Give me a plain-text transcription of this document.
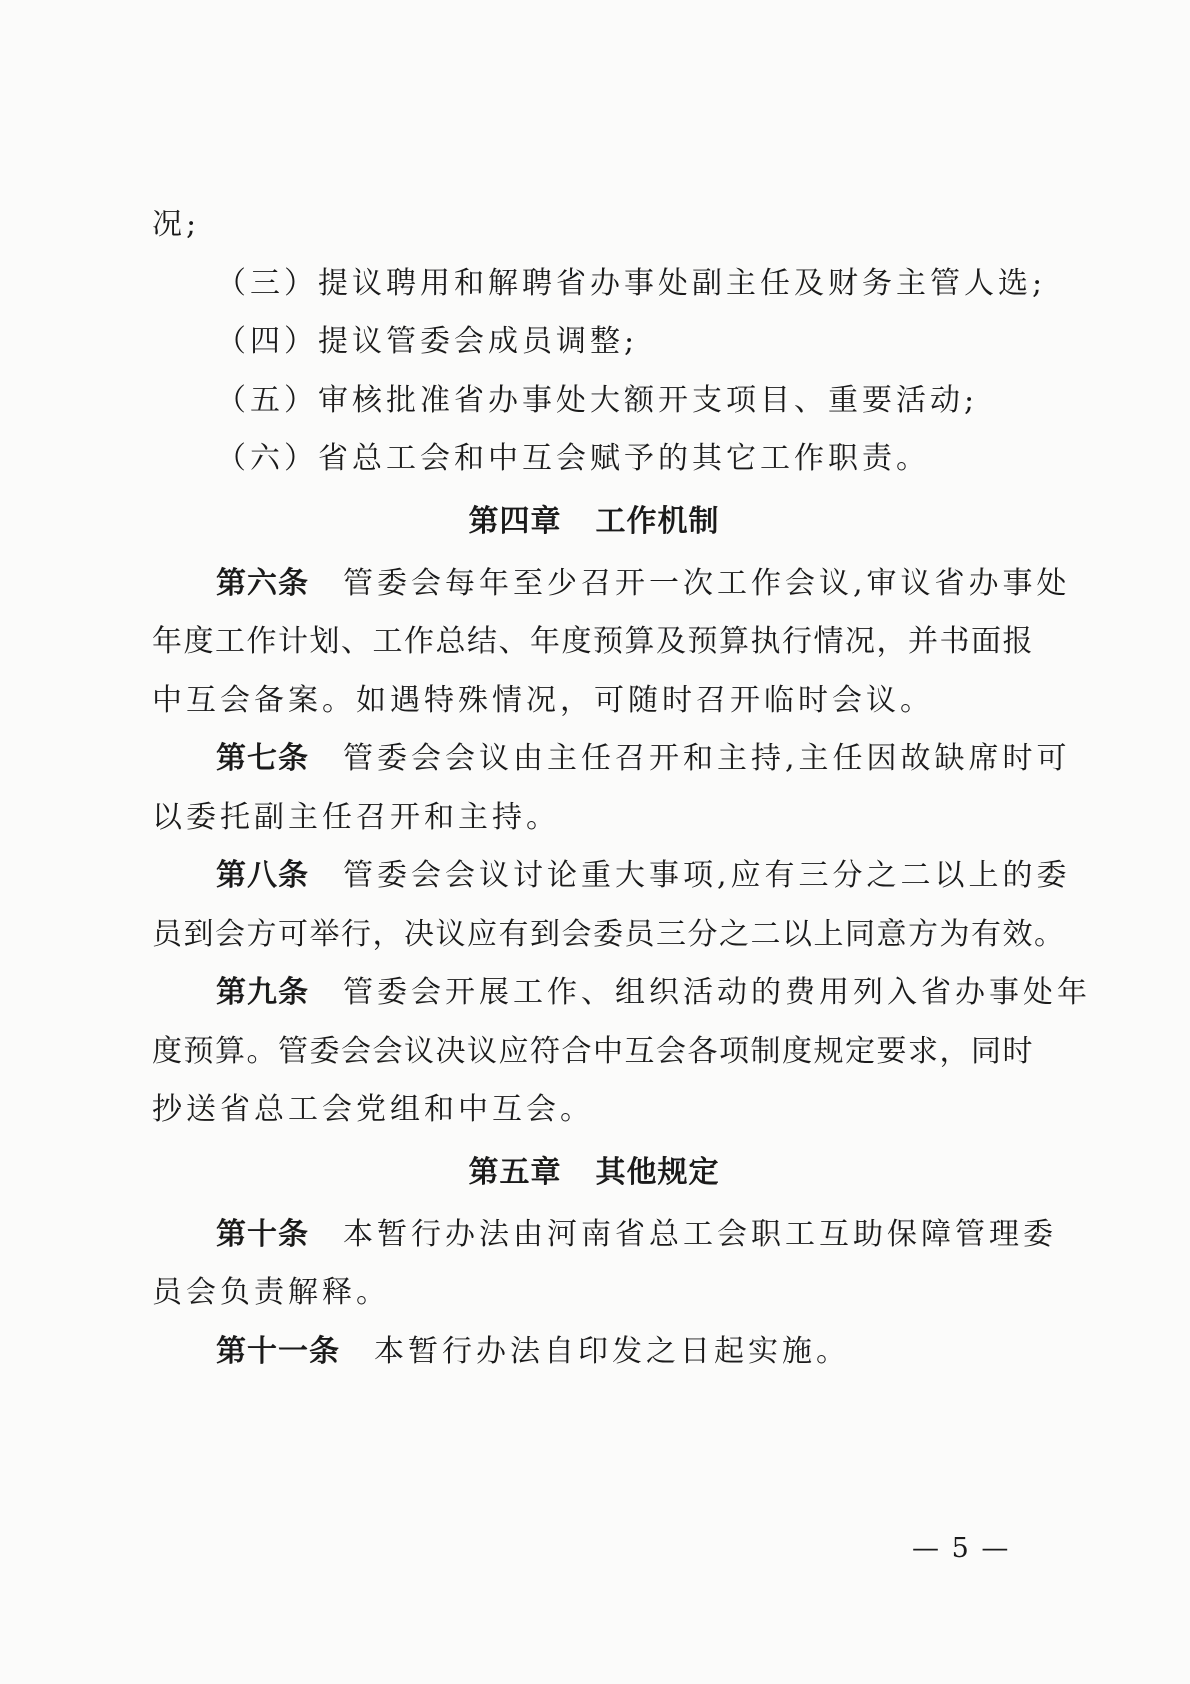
况;
（三）提议聘用和解聘省办事处副主任及财务主管人选;
（四）提议管委会成员调整;
（五）审核批准省办事处大额开支项目、重要活动;
（六）省总工会和中互会赋予的其它工作职责。
第四章 工作机制
第六条 管委会每年至少召开一次工作会议,审议省办事处
年度工作计划、工作总结、年度预算及预算执行情况，并书面报
中互会备案。如遇特殊情况，可随时召开临时会议。
第七条 管委会会议由主任召开和主持,主任因故缺席时可
以委托副主任召开和主持。
第八条 管委会会议讨论重大事项,应有三分之二以上的委
员到会方可举行，决议应有到会委员三分之二以上同意方为有效。
第九条 管委会开展工作、组织活动的费用列入省办事处年
度预算。管委会会议决议应符合中互会各项制度规定要求，同时
抄送省总工会党组和中互会。
第五章 其他规定
第十条 本暂行办法由河南省总工会职工互助保障管理委
员会负责解释。
第十一条 本暂行办法自印发之日起实施。
— 5 —
